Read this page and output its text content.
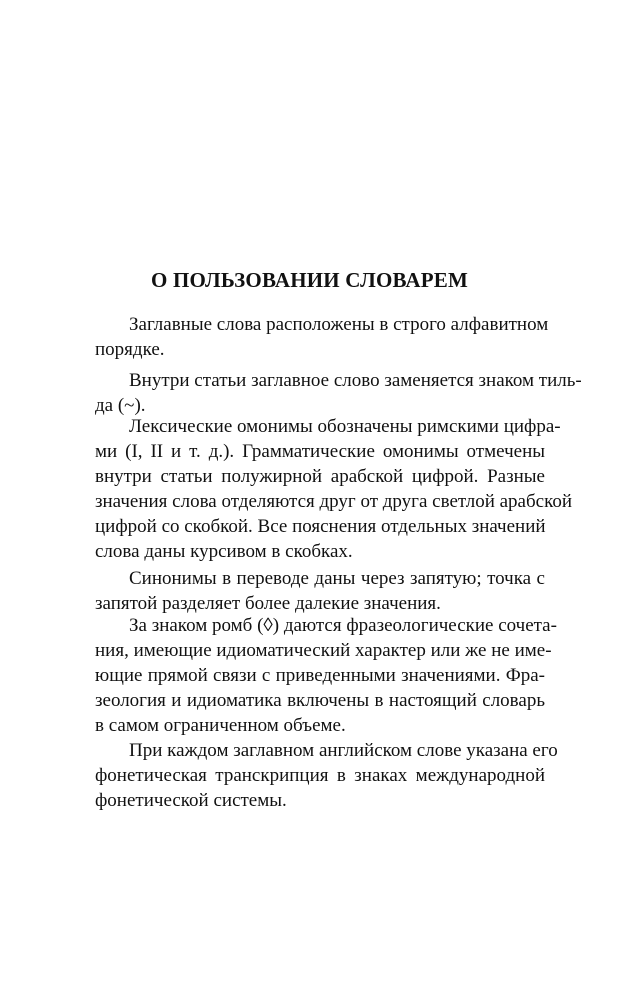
О ПОЛЬЗОВАНИИ СЛОВАРЕМ
Заглавные слова расположены в строго алфавитном
порядке.
Внутри статьи заглавное слово заменяется знаком тиль-
да (~).
Лексические омонимы обозначены римскими цифра-
ми (I, II и т. д.). Грамматические омонимы отмечены
внутри статьи полужирной арабской цифрой. Разные
значения слова отделяются друг от друга светлой арабской
цифрой со скобкой. Все пояснения отдельных значений
слова даны курсивом в скобках.
Синонимы в переводе даны через запятую; точка с
запятой разделяет более далекие значения.
За знаком ромб (◊) даются фразеологические сочета-
ния, имеющие идиоматический характер или же не име-
ющие прямой связи с приведенными значениями. Фра-
зеология и идиоматика включены в настоящий словарь
в самом ограниченном объеме.
При каждом заглавном английском слове указана его
фонетическая транскрипция в знаках международной
фонетической системы.
